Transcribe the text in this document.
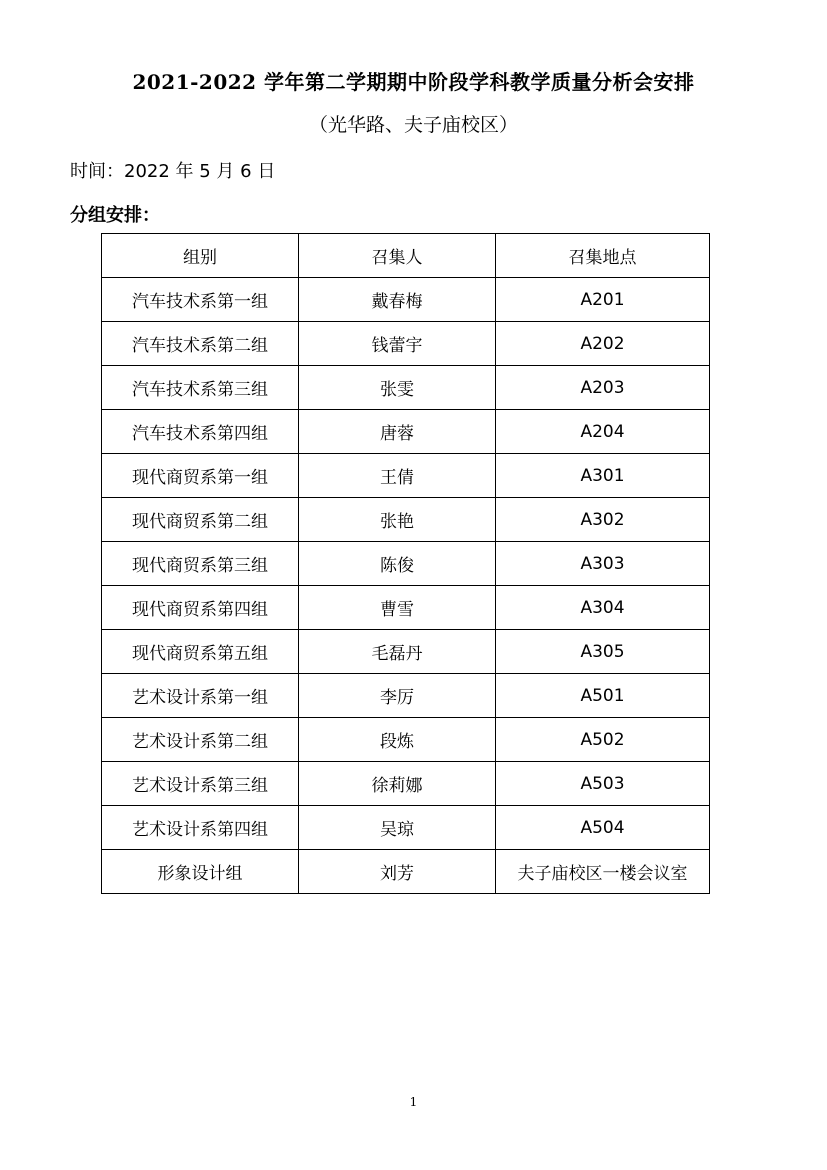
2021-2022 学年第二学期期中阶段学科教学质量分析会安排
（光华路、夫子庙校区）
时间：2022 年 5 月 6 日
分组安排：
组别	召集人	召集地点
汽车技术系第一组	戴春梅	A201
汽车技术系第二组	钱蕾宇	A202
汽车技术系第三组	张雯	A203
汽车技术系第四组	唐蓉	A204
现代商贸系第一组	王倩	A301
现代商贸系第二组	张艳	A302
现代商贸系第三组	陈俊	A303
现代商贸系第四组	曹雪	A304
现代商贸系第五组	毛磊丹	A305
艺术设计系第一组	李厉	A501
艺术设计系第二组	段炼	A502
艺术设计系第三组	徐莉娜	A503
艺术设计系第四组	吴琼	A504
形象设计组	刘芳	夫子庙校区一楼会议室
1
